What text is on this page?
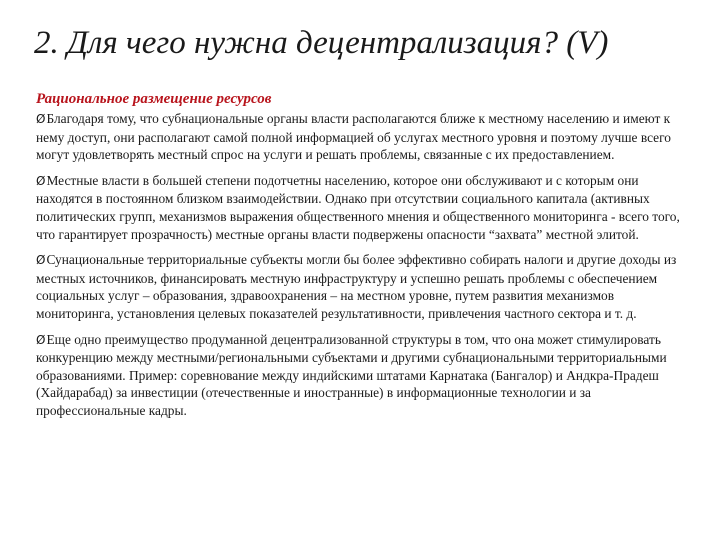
2. Для чего нужна децентрализация? (V)

Рациональное размещение ресурсов

ØБлагодаря тому, что субнациональные органы власти располагаются ближе к местному населению и имеют к нему доступ, они располагают самой полной информацией об услугах местного уровня и поэтому лучше всего могут удовлетворять местный спрос на услуги и решать проблемы, связанные с их предоставлением.

ØМестные власти в большей степени подотчетны населению, которое они обслуживают и с которым они находятся в постоянном близком взаимодействии. Однако при отсутствии социального капитала (активных политических групп, механизмов выражения общественного мнения и общественного мониторинга - всего того, что гарантирует прозрачность) местные органы власти подвержены опасности “захвата” местной элитой.

ØСунациональные территориальные субъекты могли бы более эффективно собирать налоги и другие доходы из местных источников, финансировать местную инфраструктуру и успешно решать проблемы с обеспечением социальных услуг – образования, здравоохранения – на местном уровне, путем развития механизмов мониторинга, установления целевых показателей результативности, привлечения частного сектора и т. д.

ØЕще одно преимущество продуманной децентрализованной структуры в том, что она может стимулировать конкуренцию между местными/региональными субъектами и другими субнациональными территориальными образованиями. Пример: соревнование между индийскими штатами Карнатака (Бангалор) и Андкра-Прадеш (Хайдарабад) за инвестиции (отечественные и иностранные) в информационные технологии и за профессиональные кадры.
